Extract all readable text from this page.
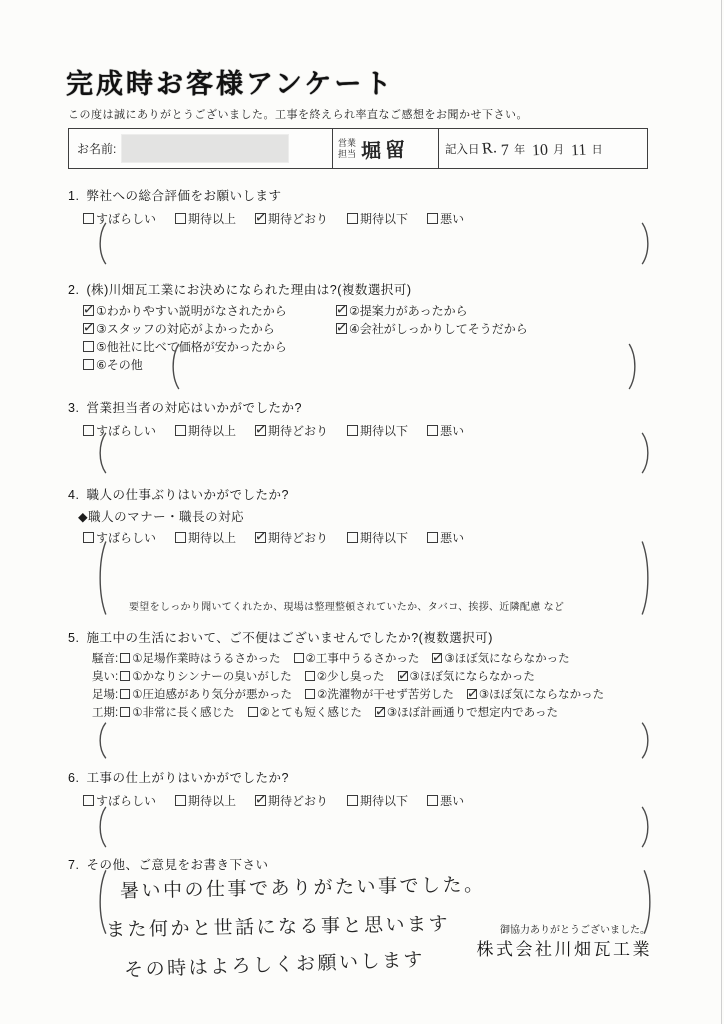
完成時お客様アンケート
この度は誠にありがとうございました。工事を終えられ率直なご感想をお聞かせ下さい。
お名前:	営業
担当 堀留	記入日 R. 7 年 10 月 11 日
1. 弊社への総合評価をお願いします
すばらしい	期待以上 ✓	期待どおり	期待以下	悪い
2. (株)川畑瓦工業にお決めになられた理由は?(複数選択可)
✓①わかりやすい説明がなされたから ✓	②提案力があったから
✓③スタッフの対応がよかったから ✓	④会社がしっかりしてそうだから
⑤他社に比べて価格が安かったから
⑥その他
3. 営業担当者の対応はいかがでしたか?
すばらしい	期待以上 ✓	期待どおり	期待以下	悪い
4. 職人の仕事ぶりはいかがでしたか?
◆職人のマナー・職長の対応
すばらしい	期待以上 ✓	期待どおり	期待以下	悪い
要望をしっかり聞いてくれたか、現場は整理整頓されていたか、タバコ、挨拶、近隣配慮 など
5. 施工中の生活において、ご不便はございませんでしたか?(複数選択可)
騒音:	①足場作業時はうるさかった	②工事中うるさかった ✓	③ほぼ気にならなかった
臭い:	①かなりシンナーの臭いがした	②少し臭った ✓	③ほぼ気にならなかった
足場:	①圧迫感があり気分が悪かった	②洗濯物が干せず苦労した ✓	③ほぼ気にならなかった
工期:	①非常に長く感じた	②とても短く感じた ✓	③ほぼ計画通りで想定内であった
6. 工事の仕上がりはいかがでしたか?
すばらしい	期待以上 ✓	期待どおり	期待以下	悪い
7. その他、ご意見をお書き下さい
暑い中の仕事でありがたい事でした。
また何かと世話になる事と思います
その時はよろしくお願いします
御協力ありがとうございました。
株式会社川畑瓦工業
